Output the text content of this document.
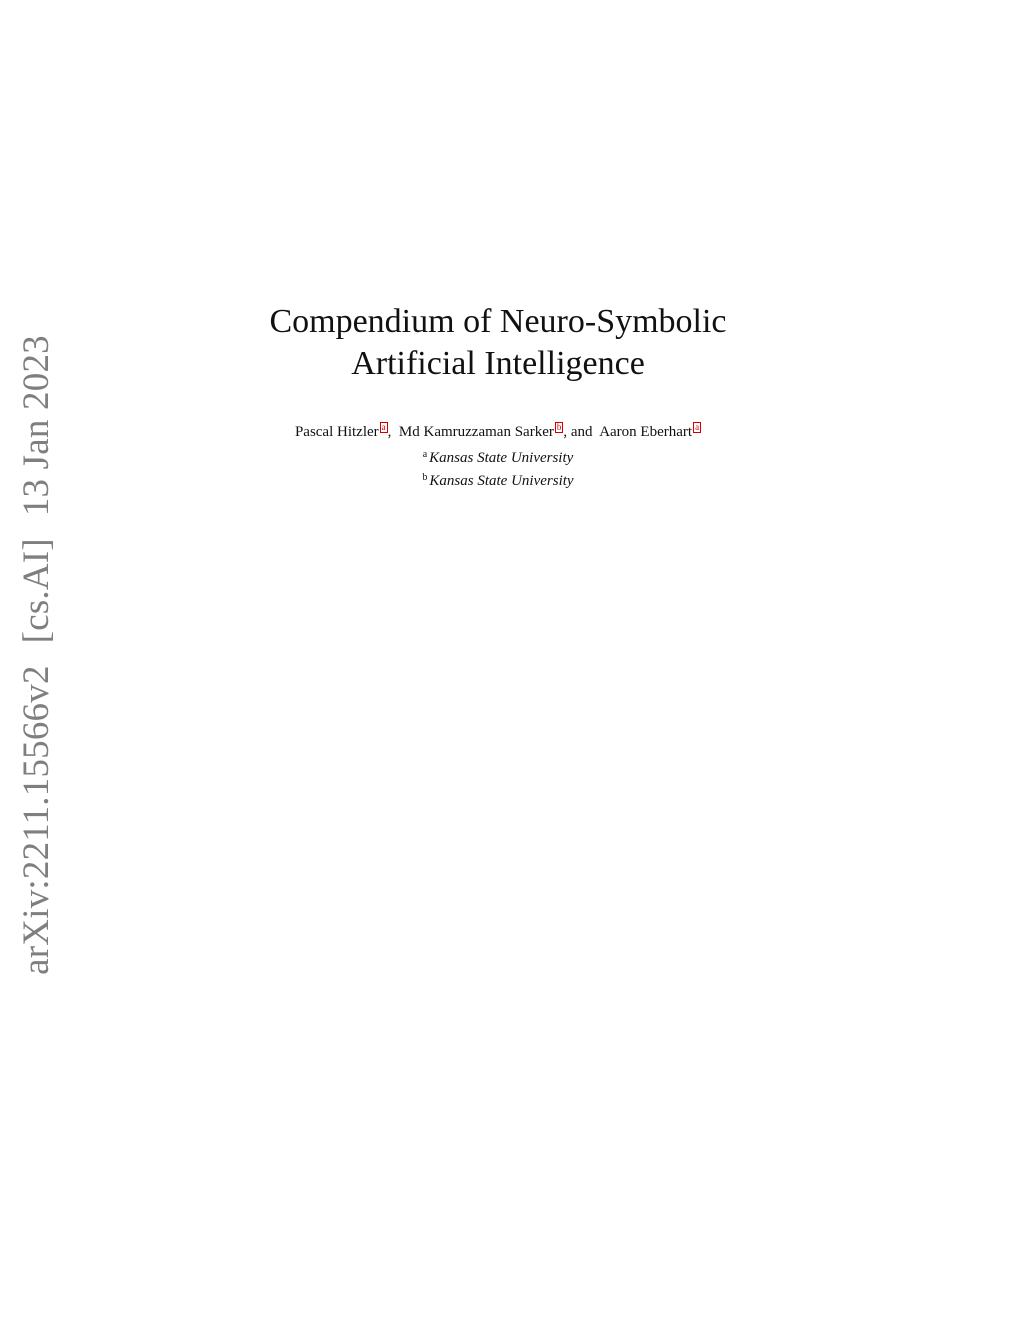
arXiv:2211.15566v2
[cs.AI]
13 Jan 2023
Compendium of Neuro-Symbolic
Artificial Intelligence
Pascal Hitzler a ,  Md Kamruzzaman Sarker b , and  Aaron Eberhart a
$^a$ Kansas State University
$^b$ Kansas State University
